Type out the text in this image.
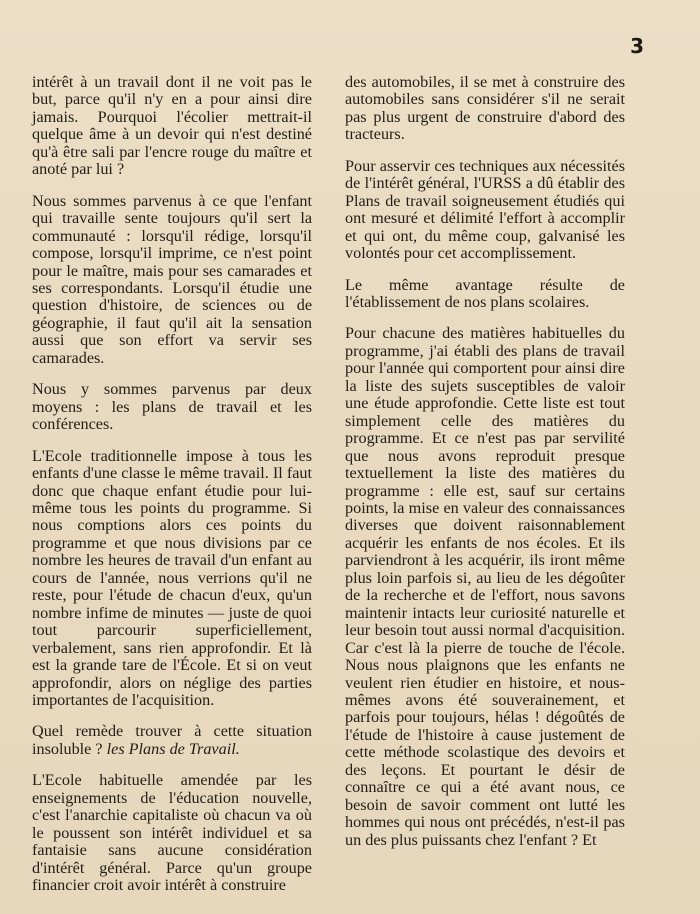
3

intérêt à un travail dont il ne voit pas le but, parce qu'il n'y en a pour ainsi dire jamais. Pourquoi l'écolier mettrait-il quelque âme à un devoir qui n'est destiné qu'à être sali par l'encre rouge du maître et anoté par lui ?

Nous sommes parvenus à ce que l'enfant qui travaille sente toujours qu'il sert la communauté : lorsqu'il rédige, lorsqu'il compose, lorsqu'il imprime, ce n'est point pour le maître, mais pour ses camarades et ses correspondants. Lorsqu'il étudie une question d'histoire, de sciences ou de géographie, il faut qu'il ait la sensation aussi que son effort va servir ses camarades.

Nous y sommes parvenus par deux moyens : les plans de travail et les conférences.

L'Ecole traditionnelle impose à tous les enfants d'une classe le même travail. Il faut donc que chaque enfant étudie pour lui-même tous les points du programme. Si nous comptions alors ces points du programme et que nous divisions par ce nombre les heures de travail d'un enfant au cours de l'année, nous verrions qu'il ne reste, pour l'étude de chacun d'eux, qu'un nombre infime de minutes — juste de quoi tout parcourir superficiellement, verbalement, sans rien approfondir. Et là est la grande tare de l'École. Et si on veut approfondir, alors on néglige des parties importantes de l'acquisition.

Quel remède trouver à cette situation insoluble ? les Plans de Travail.

L'Ecole habituelle amendée par les enseignements de l'éducation nouvelle, c'est l'anarchie capitaliste où chacun va où le poussent son intérêt individuel et sa fantaisie sans aucune considération d'intérêt général. Parce qu'un groupe financier croit avoir intérêt à construire

des automobiles, il se met à construire des automobiles sans considérer s'il ne serait pas plus urgent de construire d'abord des tracteurs.

Pour asservir ces techniques aux nécessités de l'intérêt général, l'URSS a dû établir des Plans de travail soigneusement étudiés qui ont mesuré et délimité l'effort à accomplir et qui ont, du même coup, galvanisé les volontés pour cet accomplissement.

Le même avantage résulte de l'établissement de nos plans scolaires.

Pour chacune des matières habituelles du programme, j'ai établi des plans de travail pour l'année qui comportent pour ainsi dire la liste des sujets susceptibles de valoir une étude approfondie. Cette liste est tout simplement celle des matières du programme. Et ce n'est pas par servilité que nous avons reproduit presque textuellement la liste des matières du programme : elle est, sauf sur certains points, la mise en valeur des connaissances diverses que doivent raisonnablement acquérir les enfants de nos écoles. Et ils parviendront à les acquérir, ils iront même plus loin parfois si, au lieu de les dégoûter de la recherche et de l'effort, nous savons maintenir intacts leur curiosité naturelle et leur besoin tout aussi normal d'acquisition. Car c'est là la pierre de touche de l'école. Nous nous plaignons que les enfants ne veulent rien étudier en histoire, et nous-mêmes avons été souverainement, et parfois pour toujours, hélas ! dégoûtés de l'étude de l'histoire à cause justement de cette méthode scolastique des devoirs et des leçons. Et pourtant le désir de connaître ce qui a été avant nous, ce besoin de savoir comment ont lutté les hommes qui nous ont précédés, n'est-il pas un des plus puissants chez l'enfant ? Et
